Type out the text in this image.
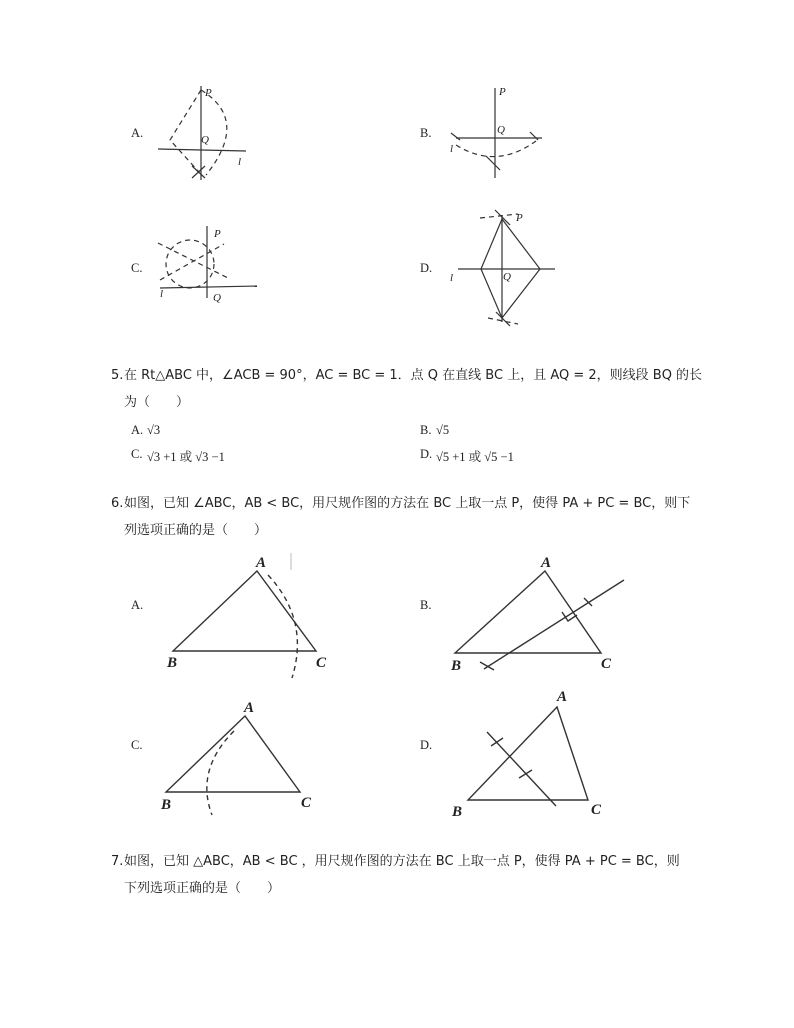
A.	B.
C.	D.
P
Q
l
P
Q
l
P
Q
l
P
Q
l
5. 在 Rt△ABC 中，∠ACB = 90°，AC = BC = 1．点 Q 在直线 BC 上，且 AQ = 2，则线段 BQ 的长
为（　　）
A. √3	B. √5
C. √3 +1 或 √3 −1	D. √5 +1 或 √5 −1
6. 如图，已知 ∠ABC，AB < BC，用尺规作图的方法在 BC 上取一点 P，使得 PA + PC = BC，则下
列选项正确的是（　　）
A.	B.
C.	D.
A
B	C
A
B	C
A
B	C
A
B	C
7. 如图，已知 △ABC，AB < BC ，用尺规作图的方法在 BC 上取一点 P，使得 PA + PC = BC，则
下列选项正确的是（　　）
